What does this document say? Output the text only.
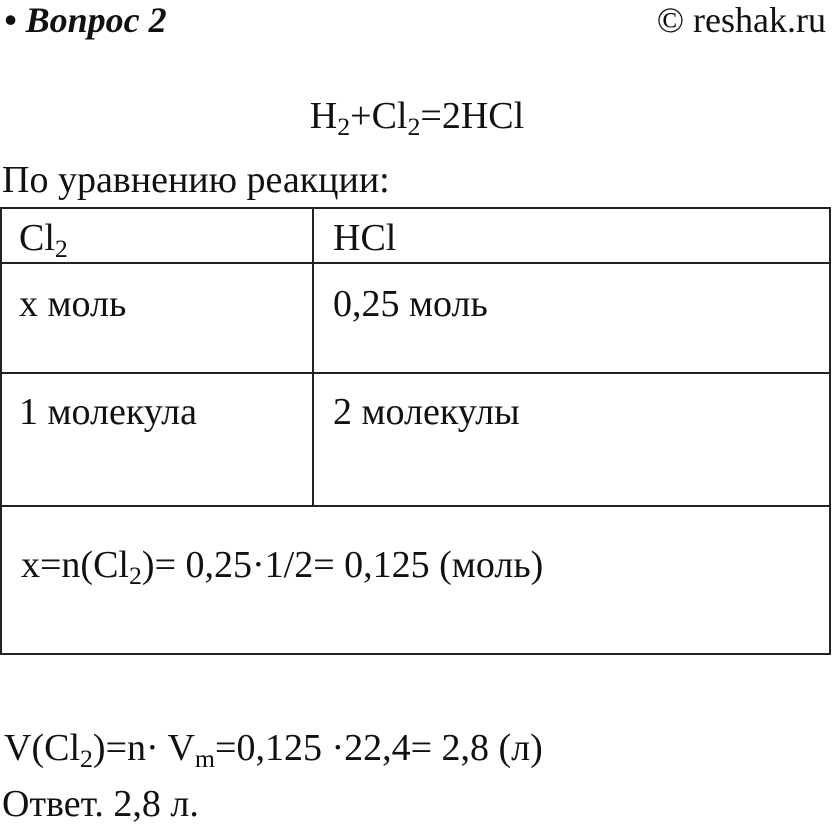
• Вопрос 2	© reshak.ru
$H_2+Cl_2=2HCl$
По уравнению реакции:
$Cl_2$	HCl
x моль	0,25 моль
1 молекула	2 молекулы
$x=n(Cl_2)= 0,25\cdot 1/2= 0,125$ (моль)
$V(Cl_2)=n\cdot V_m=0,125 \cdot 22,4= 2,8$ (л)
Ответ. 2,8 л.
